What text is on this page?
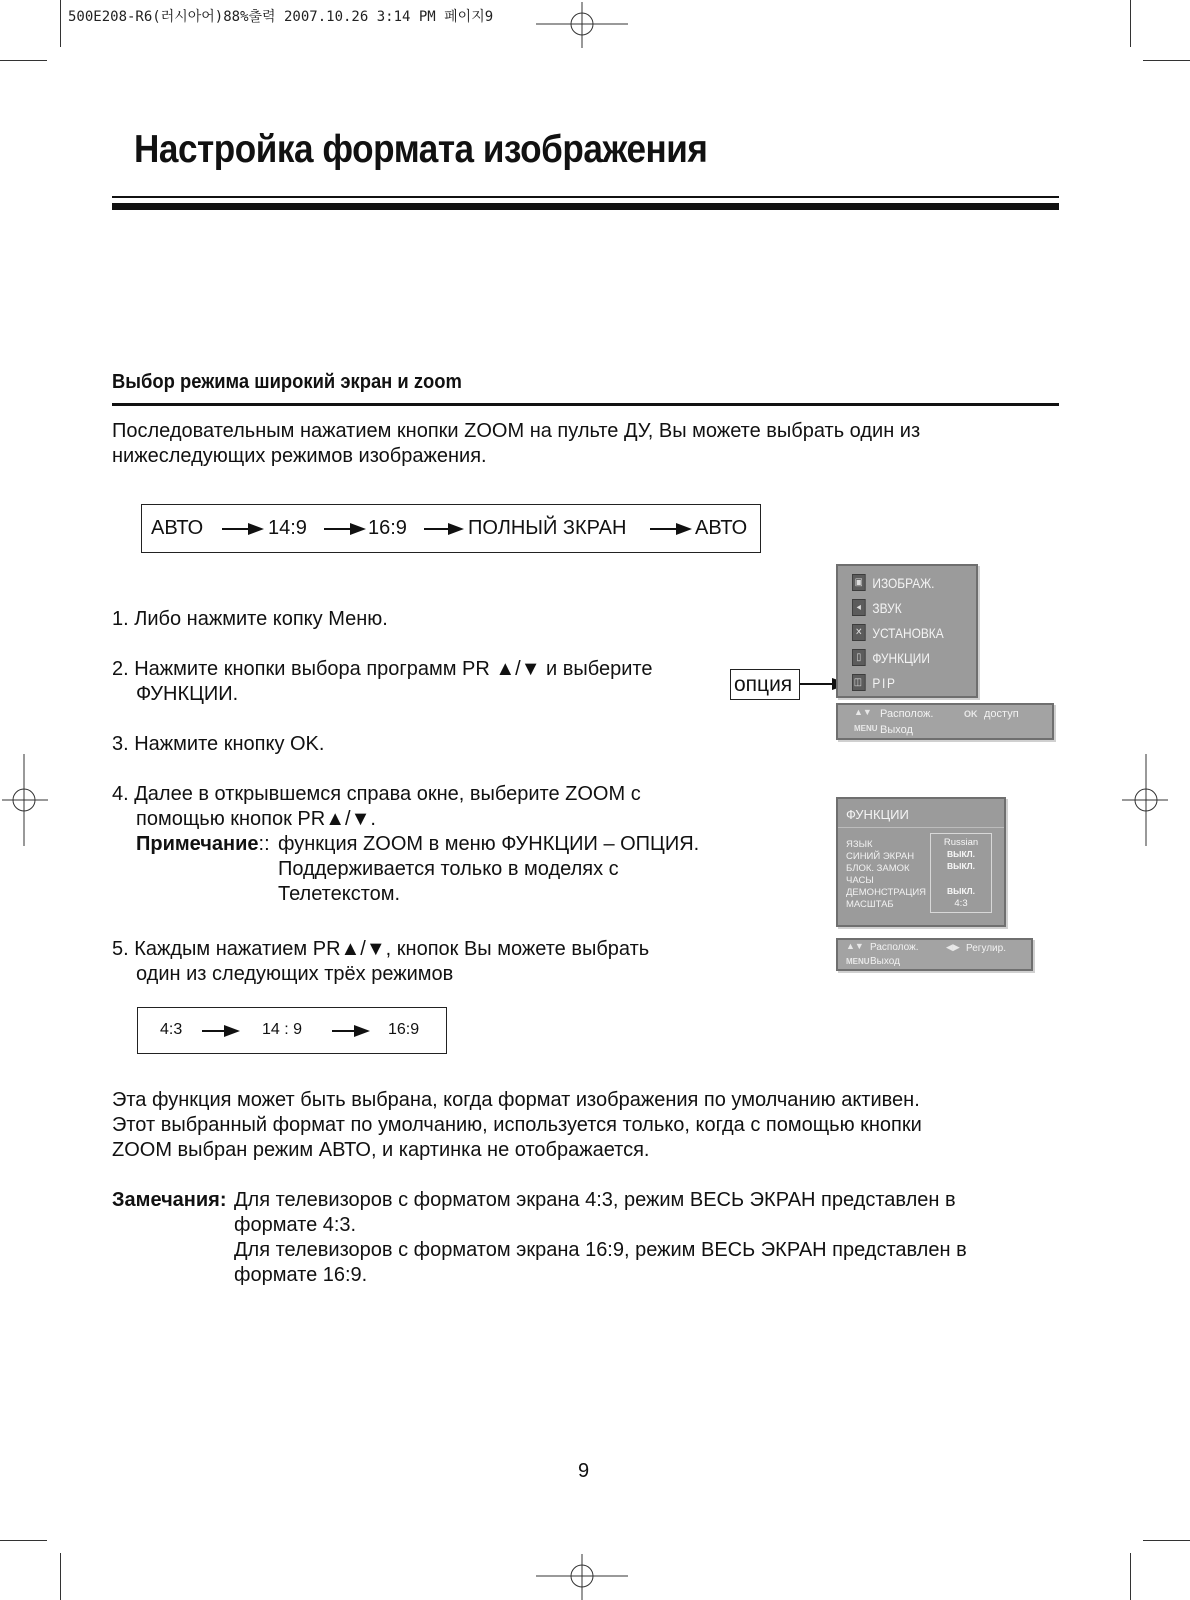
500E208-R6(러시아어)88%출력 2007.10.26 3:14 PM 페이지9
Настройка формата изображения
Выбор режима широкий экран и zoom
Последовательным нажатием кнопки ZOOM на пульте ДУ, Вы можете выбрать один из
нижеследующих режимов изображения.
АВТО	14:9	16:9	ПОЛНЫЙ ЗКРАН	АВТО
1. Либо нажмите копку Меню.
2. Нажмите кнопки выбора программ PR ▲/▼ и выберите
ФУНКЦИИ.
3. Нажмите кнопку OK.
4. Далее в открывшемся справа окне, выберите ZOOM с
помощью кнопок PR▲/▼.
Примечание:: функция ZOOM в меню ФУНКЦИИ – ОПЦИЯ.
Поддерживается только в моделях с
Телетекстом.
5. Каждым нажатием PR▲/▼, кнопок Вы можете выбрать
один из следующих трёх режимов
4:3	14 : 9	16:9
Эта функция может быть выбрана, когда формат изображения по умолчанию активен.
Этот выбранный формат по умолчанию, используется только, когда с помощью кнопки
ZOOM выбран режим АВТО, и картинка не отображается.
Замечания: Для телевизоров с форматом экрана 4:3, режим ВЕСЬ ЭКРАН представлен в
формате 4:3.
Для телевизоров с форматом экрана 16:9, режим ВЕСЬ ЭКРАН представлен в
формате 16:9.
опция
▣ ИЗОБРАЖ.
◂ ЗВУК
✕ УСТАНОВКА
▯ ФУНКЦИИ
◫ PIP
▲▼ Располож.	OK доступ
MENU Выход
ФУНКЦИИ
ЯЗЫК
СИНИЙ ЭКРАН
БЛОК. ЗАМОК
ЧАСЫ
ДЕМОНСТРАЦИЯ
МАСШТАБ
Russian
ВЫКЛ.
ВЫКЛ.
ВЫКЛ.
4:3
▲▼ Располож.	◀▶ Регулир.
MENU Выход
9
